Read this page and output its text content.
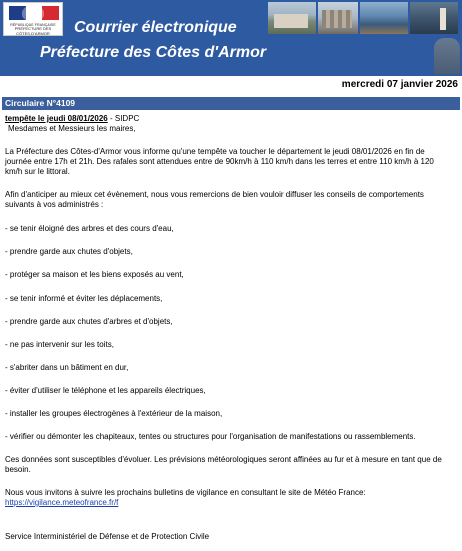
RÉPUBLIQUE FRANÇAISE
PRÉFECTURE DES
CÔTES-D'ARMOR	Courrier électronique
Préfecture des Côtes d'Armor
mercredi 07 janvier 2026
Circulaire N°4109
tempête le jeudi 08/01/2026 - SIDPC
Mesdames et Messieurs les maires,
La Préfecture des Côtes-d'Armor vous informe qu'une tempête va toucher le département le jeudi 08/01/2026 en fin de
journée entre 17h et 21h. Des rafales sont attendues entre de 90km/h à 110 km/h dans les terres et entre 110 km/h à 120
km/h sur le littoral.
Afin d'anticiper au mieux cet évènement, nous vous remercions de bien vouloir diffuser les conseils de comportements
suivants à vos administrés :
- se tenir éloigné des arbres et des cours d'eau,
- prendre garde aux chutes d'objets,
- protéger sa maison et les biens exposés au vent,
- se tenir informé et éviter les déplacements,
- prendre garde aux chutes d'arbres et d'objets,
- ne pas intervenir sur les toits,
- s'abriter dans un bâtiment en dur,
- éviter d'utiliser le téléphone et les appareils électriques,
- installer les groupes électrogènes à l'extérieur de la maison,
- vérifier ou démonter les chapiteaux, tentes ou structures pour l'organisation de manifestations ou rassemblements.
Ces données sont susceptibles d'évoluer. Les prévisions météorologiques seront affinées au fur et à mesure en tant que de
besoin.
Nous vous invitons à suivre les prochains bulletins de vigilance en consultant le site de Météo France:
https://vigilance.meteofrance.fr/f
Service Interministériel de Défense et de Protection Civile
